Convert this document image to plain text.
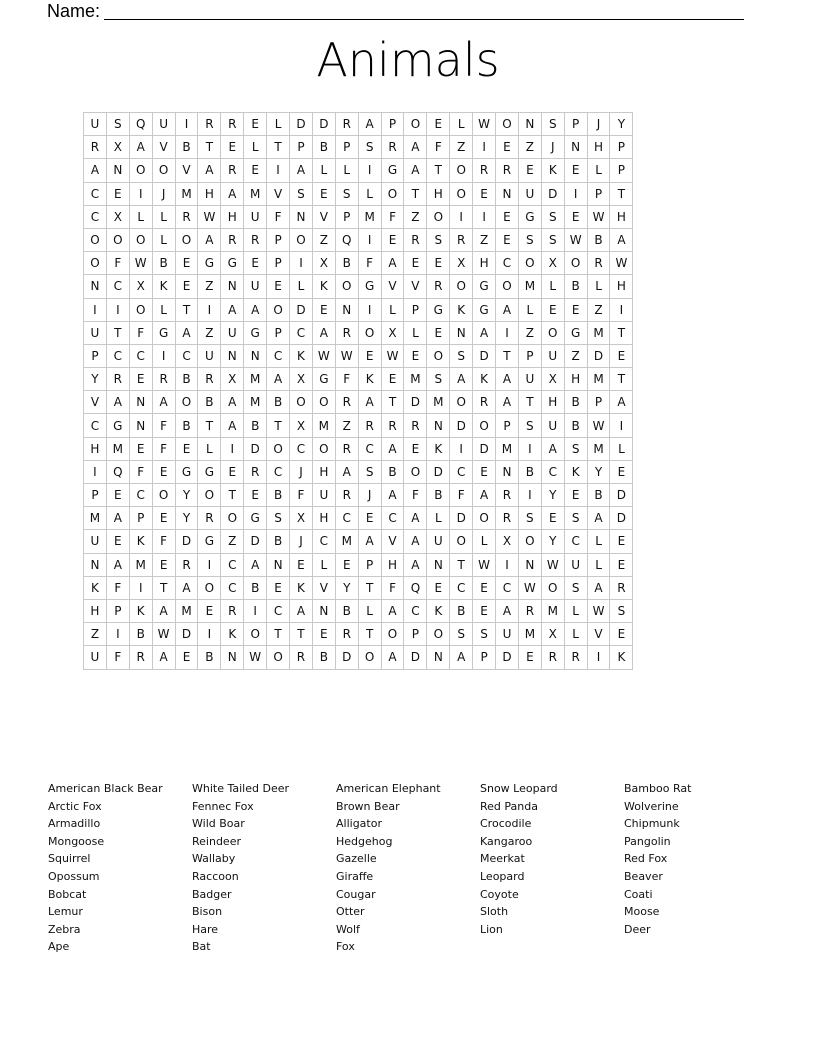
Name:
Animals
U	S	Q	U	I	R	R	E	L	D	D	R	A	P	O	E	L	W	O	N	S	P	J	Y
R	X	A	V	B	T	E	L	T	P	B	P	S	R	A	F	Z	I	E	Z	J	N	H	P
A	N	O	O	V	A	R	E	I	A	L	L	I	G	A	T	O	R	R	E	K	E	L	P
C	E	I	J	M	H	A	M	V	S	E	S	L	O	T	H	O	E	N	U	D	I	P	T
C	X	L	L	R	W	H	U	F	N	V	P	M	F	Z	O	I	I	E	G	S	E	W	H
O	O	O	L	O	A	R	R	P	O	Z	Q	I	E	R	S	R	Z	E	S	S	W	B	A
O	F	W	B	E	G	G	E	P	I	X	B	F	A	E	E	X	H	C	O	X	O	R	W
N	C	X	K	E	Z	N	U	E	L	K	O	G	V	V	R	O	G	O	M	L	B	L	H
I	I	O	L	T	I	A	A	O	D	E	N	I	L	P	G	K	G	A	L	E	E	Z	I
U	T	F	G	A	Z	U	G	P	C	A	R	O	X	L	E	N	A	I	Z	O	G	M	T
P	C	C	I	C	U	N	N	C	K	W	W	E	W	E	O	S	D	T	P	U	Z	D	E
Y	R	E	R	B	R	X	M	A	X	G	F	K	E	M	S	A	K	A	U	X	H	M	T
V	A	N	A	O	B	A	M	B	O	O	R	A	T	D	M	O	R	A	T	H	B	P	A
C	G	N	F	B	T	A	B	T	X	M	Z	R	R	R	N	D	O	P	S	U	B	W	I
H	M	E	F	E	L	I	D	O	C	O	R	C	A	E	K	I	D	M	I	A	S	M	L
I	Q	F	E	G	G	E	R	C	J	H	A	S	B	O	D	C	E	N	B	C	K	Y	E
P	E	C	O	Y	O	T	E	B	F	U	R	J	A	F	B	F	A	R	I	Y	E	B	D
M	A	P	E	Y	R	O	G	S	X	H	C	E	C	A	L	D	O	R	S	E	S	A	D
U	E	K	F	D	G	Z	D	B	J	C	M	A	V	A	U	O	L	X	O	Y	C	L	E
N	A	M	E	R	I	C	A	N	E	L	E	P	H	A	N	T	W	I	N	W	U	L	E
K	F	I	T	A	O	C	B	E	K	V	Y	T	F	Q	E	C	E	C	W	O	S	A	R
H	P	K	A	M	E	R	I	C	A	N	B	L	A	C	K	B	E	A	R	M	L	W	S
Z	I	B	W	D	I	K	O	T	T	E	R	T	O	P	O	S	S	U	M	X	L	V	E
U	F	R	A	E	B	N	W	O	R	B	D	O	A	D	N	A	P	D	E	R	R	I	K
American Black Bear
Arctic Fox
Armadillo
Mongoose
Squirrel
Opossum
Bobcat
Lemur
Zebra
Ape
White Tailed Deer
Fennec Fox
Wild Boar
Reindeer
Wallaby
Raccoon
Badger
Bison
Hare
Bat
American Elephant
Brown Bear
Alligator
Hedgehog
Gazelle
Giraffe
Cougar
Otter
Wolf
Fox
Snow Leopard
Red Panda
Crocodile
Kangaroo
Meerkat
Leopard
Coyote
Sloth
Lion
Bamboo Rat
Wolverine
Chipmunk
Pangolin
Red Fox
Beaver
Coati
Moose
Deer
